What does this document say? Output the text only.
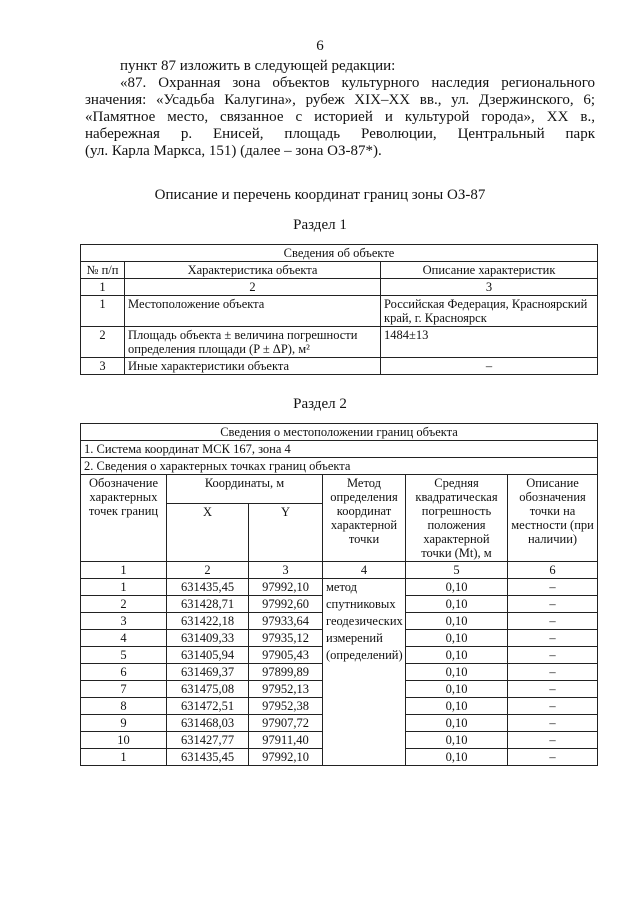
6

пункт 87 изложить в следующей редакции:

«87. Охранная зона объектов культурного наследия регионального значения: «Усадьба Калугина», рубеж XIX–XX вв., ул. Дзержинского, 6; «Памятное место, связанное с историей и культурой города», XX в., набережная р. Енисей, площадь Революции, Центральный парк

(ул. Карла Маркса, 151) (далее – зона ОЗ-87*).

Описание и перечень координат границ зоны ОЗ-87
Раздел 1
Сведения об объекте		
№ п/п	Характеристика объекта	Описание характеристик
1	2	3
1	Местоположение объекта	Российская Федерация, Красноярский край, г. Красноярск
2	Площадь объекта ± величина погрешности определения площади (P ± ΔP), м²	1484±13
3	Иные характеристики объекта	–
Раздел 2
Сведения о местоположении границ объекта					
1. Система координат МСК 167, зона 4					
2. Сведения о характерных точках границ объекта					
Обозначение характерных точек границ	Координаты, м		Метод определения координат характерной точки	Средняя квадратическая погрешность положения характерной точки (Mt), м	Описание обозначения точки на местности (при наличии)
	X	Y			
1	2	3	4	5	6
1	631435,45	97992,10	метод	0,10	–
2	631428,71	97992,60	спутниковых	0,10	–
3	631422,18	97933,64	геодезических	0,10	–
4	631409,33	97935,12	измерений	0,10	–
5	631405,94	97905,43	(определений)	0,10	–
6	631469,37	97899,89		0,10	–
7	631475,08	97952,13		0,10	–
8	631472,51	97952,38		0,10	–
9	631468,03	97907,72		0,10	–
10	631427,77	97911,40		0,10	–
1	631435,45	97992,10		0,10	–
